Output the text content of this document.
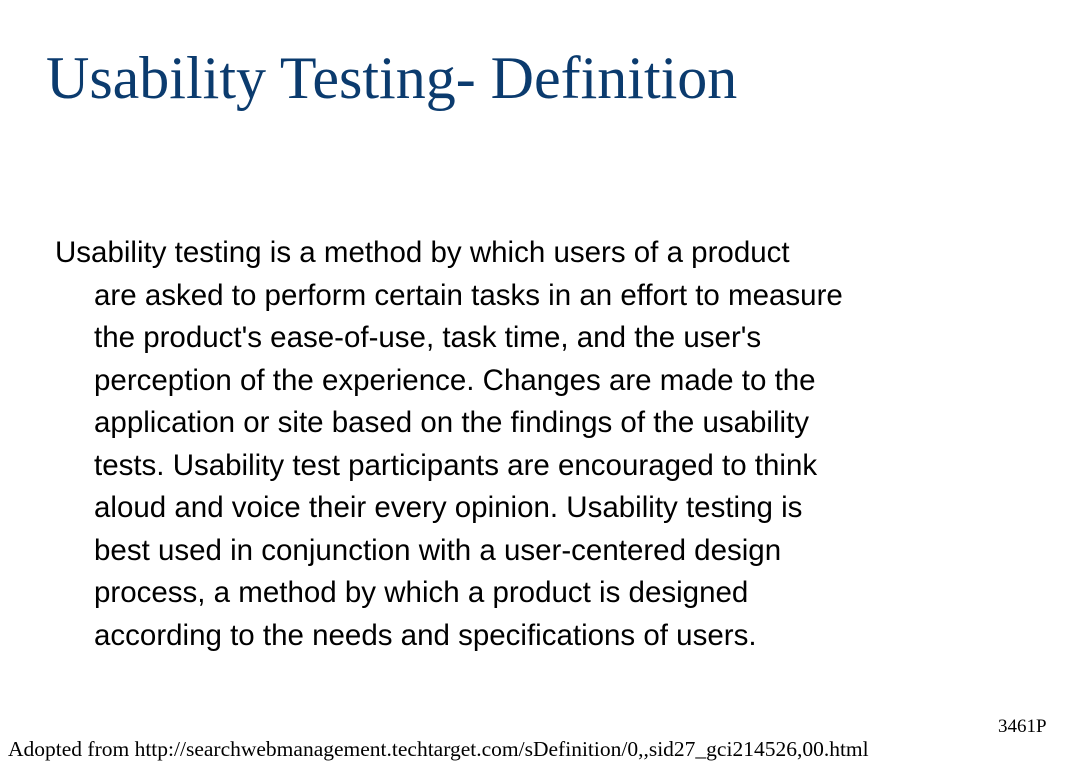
Usability Testing- Definition
Usability testing is a method by which users of a product
are asked to perform certain tasks in an effort to measure
the product's ease-of-use, task time, and the user's
perception of the experience. Changes are made to the
application or site based on the findings of the usability
tests. Usability test participants are encouraged to think
aloud and voice their every opinion. Usability testing is
best used in conjunction with a user-centered design
process, a method by which a product is designed
according to the needs and specifications of users.
3461P
Adopted from http://searchwebmanagement.techtarget.com/sDefinition/0,,sid27_gci214526,00.html
